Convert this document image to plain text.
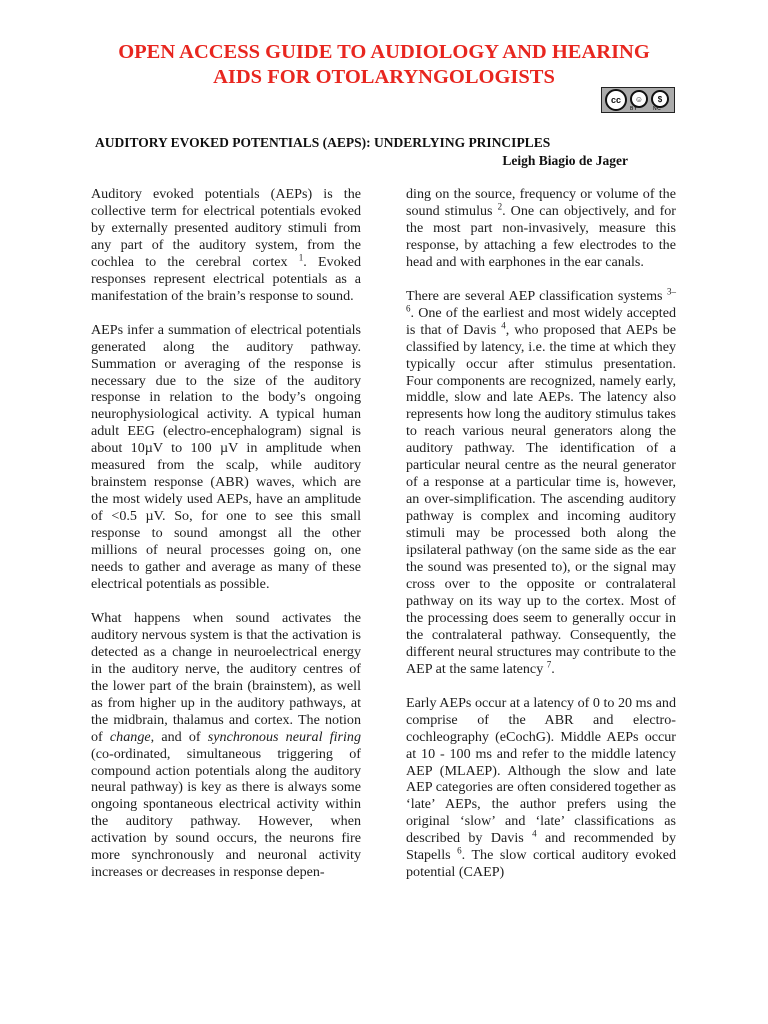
OPEN ACCESS GUIDE TO AUDIOLOGY AND HEARING
AIDS FOR OTOLARYNGOLOGISTS
cc	☺	$
BY	NC
AUDITORY EVOKED POTENTIALS (AEPS): UNDERLYING PRINCIPLES
Leigh Biagio de Jager

Auditory evoked potentials (AEPs) is the collective term for electrical potentials evoked by externally presented auditory stimuli from any part of the auditory system, from the cochlea to the cerebral cortex $^1$. Evoked responses represent electrical potentials as a manifestation of the brain’s response to sound.

AEPs infer a summation of electrical potentials generated along the auditory pathway. Summation or averaging of the response is necessary due to the size of the auditory response in relation to the body’s ongoing neurophysiological activity. A typical human adult EEG (electro-encephalogram) signal is about 10µV to 100 µV in amplitude when measured from the scalp, while auditory brainstem response (ABR) waves, which are the most widely used AEPs, have an amplitude of <0.5 µV. So, for one to see this small response to sound amongst all the other millions of neural processes going on, one needs to gather and average as many of these electrical potentials as possible.

What happens when sound activates the auditory nervous system is that the activation is detected as a change in neuroelectrical energy in the auditory nerve, the auditory centres of the lower part of the brain (brainstem), as well as from higher up in the auditory pathways, at the midbrain, thalamus and cortex. The notion of change, and of synchronous neural firing (co-ordinated, simultaneous triggering of compound action potentials along the auditory neural pathway) is key as there is always some ongoing spontaneous electrical activity within the auditory pathway. However, when activation by sound occurs, the neurons fire more synchronously and neuronal activity increases or decreases in response depen-

ding on the source, frequency or volume of the sound stimulus $^2$. One can objectively, and for the most part non-invasively, measure this response, by attaching a few electrodes to the head and with earphones in the ear canals.

There are several AEP classification systems $^{3-6}$. One of the earliest and most widely accepted is that of Davis $^4$, who proposed that AEPs be classified by latency, i.e. the time at which they typically occur after stimulus presentation. Four components are recognized, namely early, middle, slow and late AEPs. The latency also represents how long the auditory stimulus takes to reach various neural generators along the auditory pathway. The identification of a particular neural centre as the neural generator of a response at a particular time is, however, an over-simplification. The ascending auditory pathway is complex and incoming auditory stimuli may be processed both along the ipsilateral pathway (on the same side as the ear the sound was presented to), or the signal may cross over to the opposite or contralateral pathway on its way up to the cortex. Most of the processing does seem to generally occur in the contralateral pathway. Consequently, the different neural structures may contribute to the AEP at the same latency $^7$.

Early AEPs occur at a latency of 0 to 20 ms and comprise of the ABR and electro-cochleography (eCochG). Middle AEPs occur at 10 - 100 ms and refer to the middle latency AEP (MLAEP). Although the slow and late AEP categories are often considered together as ‘late’ AEPs, the author prefers using the original ‘slow’ and ‘late’ classifications as described by Davis $^4$ and recommended by Stapells $^6$. The slow cortical auditory evoked potential (CAEP)
